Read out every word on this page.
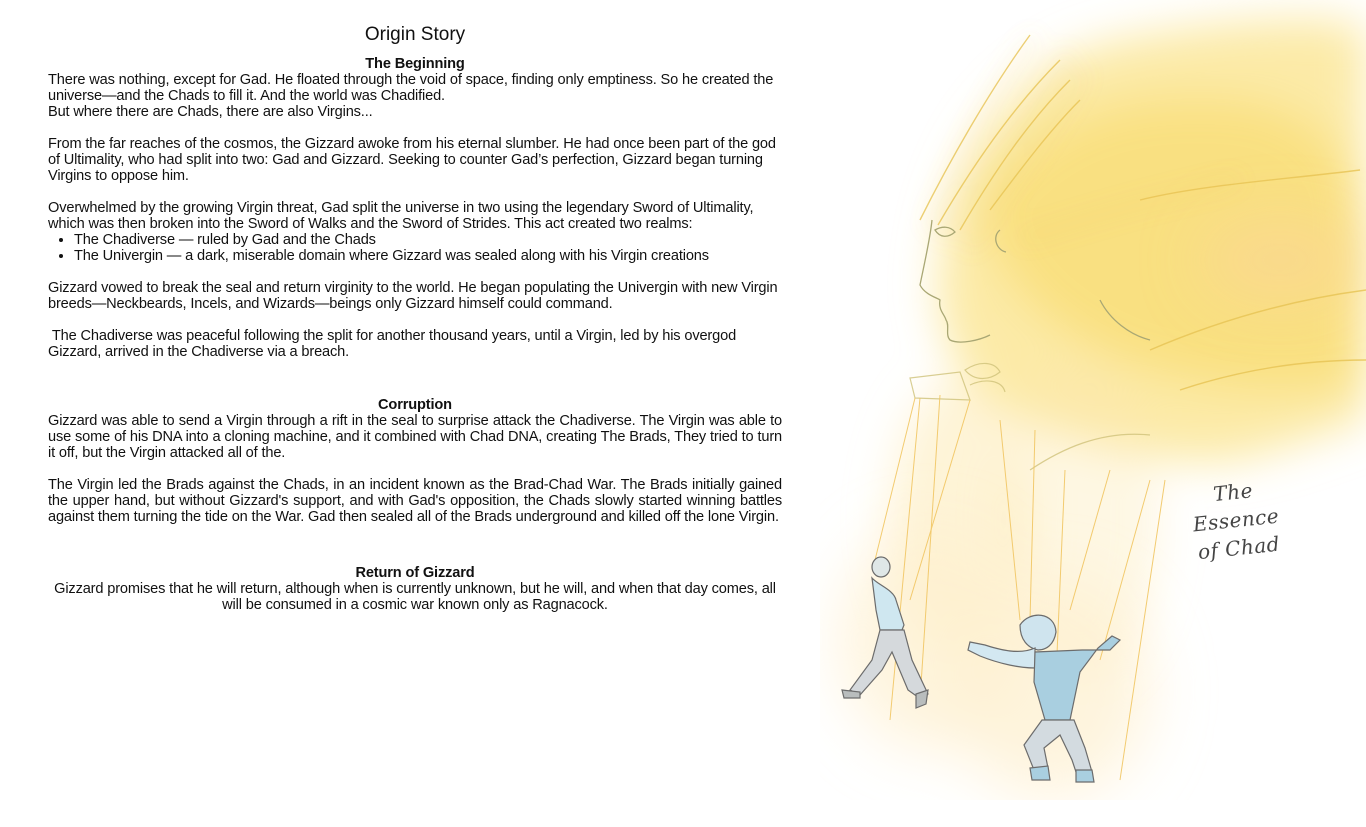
Origin Story
The Beginning

There was nothing, except for Gad. He floated through the void of space, finding only emptiness. So he created the universe—and the Chads to fill it. And the world was Chadified.

But where there are Chads, there are also Virgins...

From the far reaches of the cosmos, the Gizzard awoke from his eternal slumber. He had once been part of the god of Ultimality, who had split into two: Gad and Gizzard. Seeking to counter Gad’s perfection, Gizzard began turning Virgins to oppose him.

Overwhelmed by the growing Virgin threat, Gad split the universe in two using the legendary Sword of Ultimality, which was then broken into the Sword of Walks and the Sword of Strides. This act created two realms:

• The Chadiverse — ruled by Gad and the Chads
• The Univergin — a dark, miserable domain where Gizzard was sealed along with his Virgin creations

Gizzard vowed to break the seal and return virginity to the world. He began populating the Univergin with new Virgin breeds—Neckbeards, Incels, and Wizards—beings only Gizzard himself could command.

The Chadiverse was peaceful following the split for another thousand years, until a Virgin, led by his overgod Gizzard, arrived in the Chadiverse via a breach.

Corruption

Gizzard was able to send a Virgin through a rift in the seal to surprise attack the Chadiverse. The Virgin was able to use some of his DNA into a cloning machine, and it combined with Chad DNA, creating The Brads, They tried to turn it off, but the Virgin attacked all of the.

The Virgin led the Brads against the Chads, in an incident known as the Brad-Chad War. The Brads initially gained the upper hand, but without Gizzard's support, and with Gad's opposition, the Chads slowly started winning battles against them turning the tide on the War. Gad then sealed all of the Brads underground and killed off the lone Virgin.

Return of Gizzard

Gizzard promises that he will return, although when is currently unknown, but he will, and when that day comes, all will be consumed in a cosmic war known only as Ragnacock.

The Essence
of Chad
